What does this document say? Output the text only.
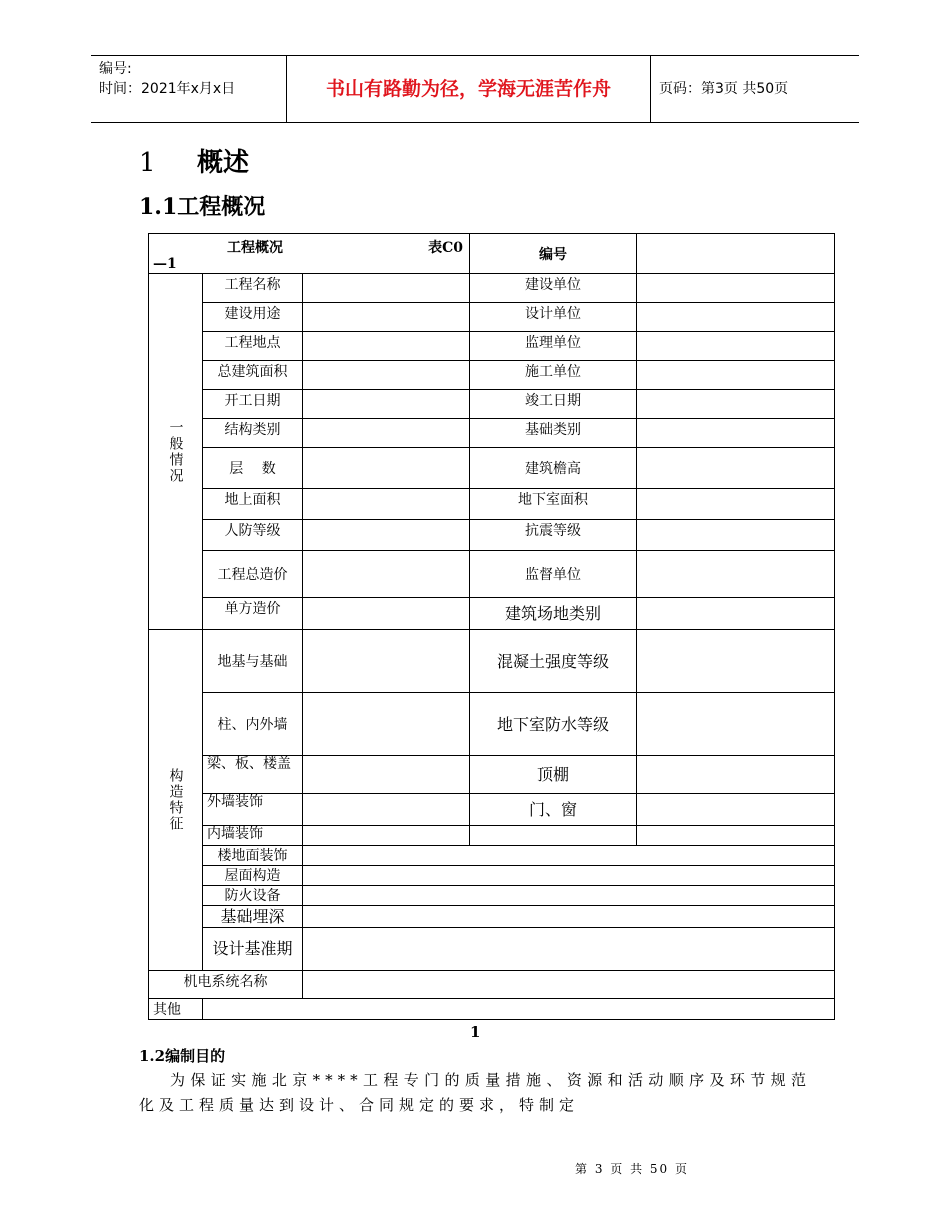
编号:
时间：2021年x月x日	书山有路勤为径，学海无涯苦作舟	页码：第3页 共50页
1 概述
1.1工程概况
工程概况 表C0
—1			编号	
一般情况	工程名称		建设单位	
	建设用途		设计单位	
	工程地点		监理单位	
	总建筑面积		施工单位	
	开工日期		竣工日期	
	结构类别		基础类别	
	层　 数		建筑檐高	
	地上面积		地下室面积	
	人防等级		抗震等级	
	工程总造价		监督单位	
	单方造价		建筑场地类别	
构造特征	地基与基础		混凝土强度等级	
	柱、内外墙		地下室防水等级	
	梁、板、楼盖		顶棚	
	外墙装饰		门、窗	
	内墙装饰			
	楼地面装饰			
	屋面构造			
	防火设备			
	基础埋深			
	设计基准期			
机电系统名称				
其他				
1
1.2编制目的

为保证实施北京****工程专门的质量措施、资源和活动顺序及环节规范化及工程质量达到设计、合同规定的要求，特制定

第 3 页 共 50 页
